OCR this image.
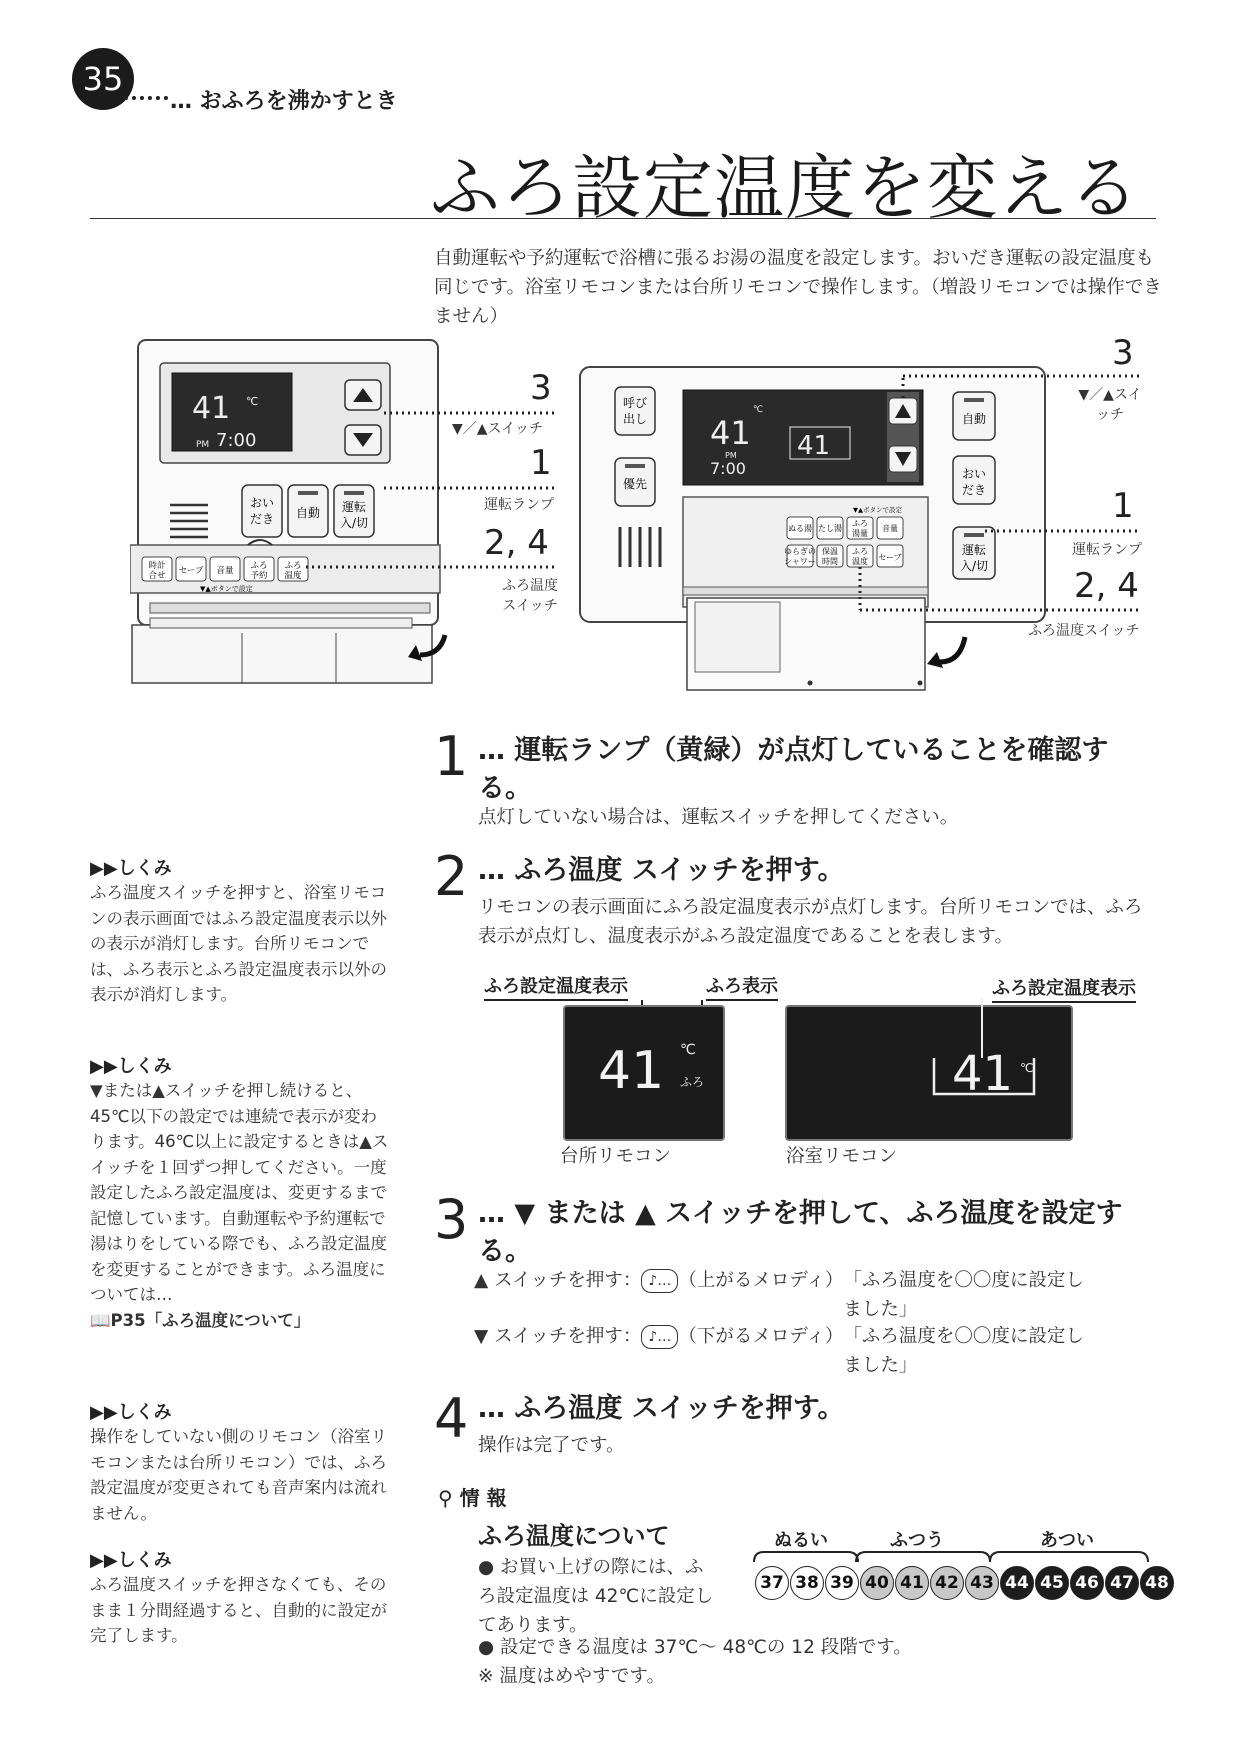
35
… おふろを沸かすとき
ふろ設定温度を変える
自動運転や予約運転で浴槽に張るお湯の温度を設定します。おいだき運転の設定温度も同じです。浴室リモコンまたは台所リモコンで操作します。（増設リモコンでは操作できません）
41 ℃
PM 7:00
おい
だき 自動 運転
入/切
時計
合せ セーブ 音量 ふろ
予約
ふろ
温度
▼▲ボタンで設定
3
▼／▲スイッチ
1
運転ランプ
2, 4
ふろ温度スイッチ
呼び
出し
優先
41
℃
PM
7:00
41
自動
おい
だき
運転
入/切
▼▲ボタンで設定
ぬる湯 たし湯
ふろ
湯量
音量
ゆらぎの
シャワー
保温
時間
ふろ
温度 セーブ
3
▼／▲スイッチ
1
運転ランプ
2, 4
ふろ温度スイッチ
1 … 運転ランプ（黄緑）が点灯していることを確認する。
点灯していない場合は、運転スイッチを押してください。
2 … ふろ温度 スイッチを押す。
リモコンの表示画面にふろ設定温度表示が点灯します。台所リモコンでは、ふろ表示が点灯し、温度表示がふろ設定温度であることを表します。
ふろ設定温度表示	ふろ表示	ふろ設定温度表示
41 ℃
ふろ	41 ℃
台所リモコン	浴室リモコン
3 … ▼ または ▲ スイッチを押して、ふろ温度を設定する。
▲ スイッチを押す： ♪… （上がるメロディ） 「ふろ温度を〇〇度に設定しました」
▼ スイッチを押す： ♪… （下がるメロディ） 「ふろ温度を〇〇度に設定しました」
4 … ふろ温度 スイッチを押す。
操作は完了です。
⚲ 情 報
ふろ温度について
● お買い上げの際には、ふろ設定温度は 42℃に設定してあります。
● 設定できる温度は 37℃～ 48℃の 12 段階です。
※ 温度はめやすです。
ぬるい	ふつう	あつい
37 38 39 40 41 42 43 44 45 46 47 48
▶▶しくみ
ふろ温度スイッチを押すと、浴室リモコンの表示画面ではふろ設定温度表示以外の表示が消灯します。台所リモコンでは、ふろ表示とふろ設定温度表示以外の表示が消灯します。
▶▶しくみ
▼または▲スイッチを押し続けると、45℃以下の設定では連続で表示が変わります。46℃以上に設定するときは▲スイッチを１回ずつ押してください。一度設定したふろ設定温度は、変更するまで記憶しています。自動運転や予約運転で湯はりをしている際でも、ふろ設定温度を変更することができます。ふろ温度については…
📖P35「ふろ温度について」
▶▶しくみ
操作をしていない側のリモコン（浴室リモコンまたは台所リモコン）では、ふろ設定温度が変更されても音声案内は流れません。
▶▶しくみ
ふろ温度スイッチを押さなくても、そのまま１分間経過すると、自動的に設定が完了します。
